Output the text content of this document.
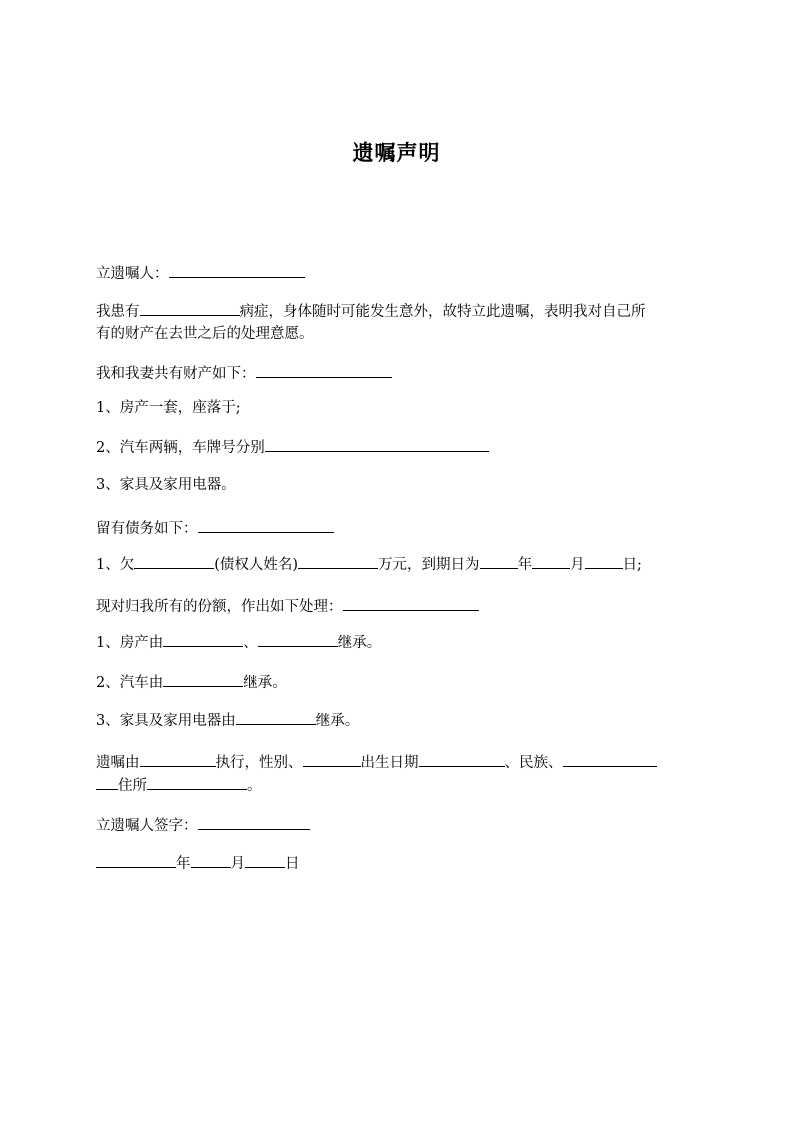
遗嘱声明
立遗嘱人：
我患有	病症，身体随时可能发生意外，故特立此遗嘱，表明我对自己所
有的财产在去世之后的处理意愿。
我和我妻共有财产如下：
1、房产一套，座落于;
2、汽车两辆，车牌号分别
3、家具及家用电器。
留有债务如下：
1、欠	(债权人姓名)	万元，到期日为	年	月	日;
现对归我所有的份额，作出如下处理：
1、房产由	、	继承。
2、汽车由	继承。
3、家具及家用电器由	继承。
遗嘱由	执行，性别、	出生日期	、民族、
住所	。
立遗嘱人签字：
年	月	日
